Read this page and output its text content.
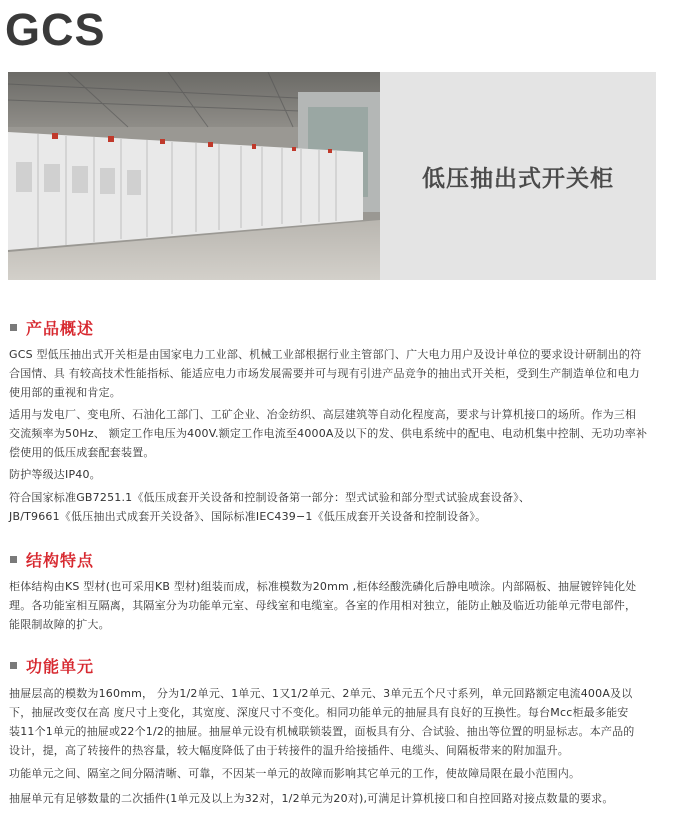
GCS
低压抽出式开关柜
产品概述
GCS 型低压抽出式开关柜是由国家电力工业部、机械工业部根据行业主管部门、广大电力用户及设计单位的要求设计研制出的符
合国情、具 有较高技术性能指标、能适应电力市场发展需要并可与现有引进产品竞争的抽出式开关柜，受到生产制造单位和电力
使用部的重视和肯定。
适用与发电厂、变电所、石油化工部门、工矿企业、冶金纺织、高层建筑等自动化程度高，要求与计算机接口的场所。作为三相
交流频率为50Hz、 额定工作电压为400V.额定工作电流至4000A及以下的发、供电系统中的配电、电动机集中控制、无功功率补
偿使用的低压成套配套装置。
防护等级达IP40。
符合国家标准GB7251.1《低压成套开关设备和控制设备第一部分：型式试验和部分型式试验成套设备》、
JB/T9661《低压抽出式成套开关设备》、国际标准IEC439−1《低压成套开关设备和控制设备》。
结构特点
柜体结构由KS 型材(也可采用KB 型材)组装而成，标准模数为20mm ,柜体经酸洗磷化后静电喷涂。内部隔板、抽屉镀锌钝化处
理。各功能室相互隔离，其隔室分为功能单元室、母线室和电缆室。各室的作用相对独立，能防止触及临近功能单元带电部件，
能限制故障的扩大。
功能单元
抽屉层高的模数为160mm， 分为1/2单元、1单元、1又1/2单元、2单元、3单元五个尺寸系列，单元回路额定电流400A及以
下，抽屉改变仅在高 度尺寸上变化，其宽度、深度尺寸不变化。相同功能单元的抽屉具有良好的互换性。每台Mcc柜最多能安
装11个1单元的抽屉或22个1/2的抽屉。抽屉单元设有机械联锁装置，面板具有分、合试验、抽出等位置的明显标志。本产品的
设计，提，高了转接件的热容量，较大幅度降低了由于转接件的温升给接插件、电缆头、间隔板带来的附加温升。
功能单元之间、隔室之间分隔清晰、可靠，不因某一单元的故障而影响其它单元的工作，使故障局限在最小范围内。
抽屉单元有足够数量的二次插件(1单元及以上为32对，1/2单元为20对),可满足计算机接口和自控回路对接点数量的要求。
